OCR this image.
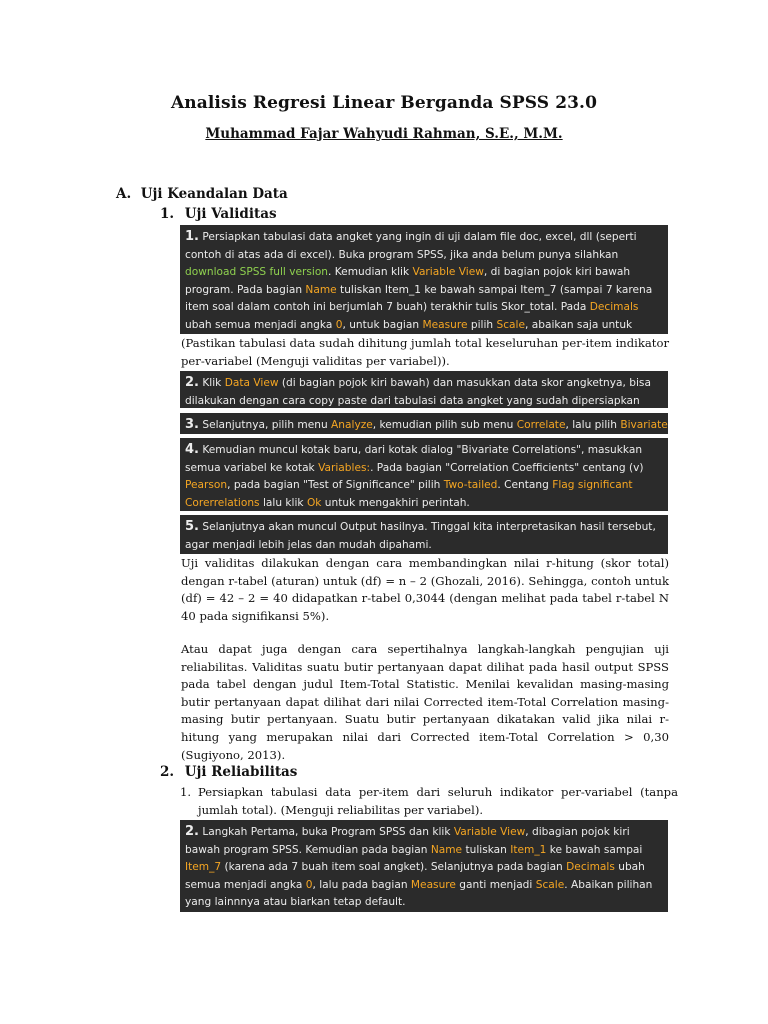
Analisis Regresi Linear Berganda SPSS 23.0
Muhammad Fajar Wahyudi Rahman, S.E., M.M.
A. Uji Keandalan Data
1. Uji Validitas
1. Persiapkan tabulasi data angket yang ingin di uji dalam file doc, excel, dll (seperti contoh di atas ada di excel). Buka program SPSS, jika anda belum punya silahkan download SPSS full version. Kemudian klik Variable View, di bagian pojok kiri bawah program. Pada bagian Name tuliskan Item_1 ke bawah sampai Item_7 (sampai 7 karena item soal dalam contoh ini berjumlah 7 buah) terakhir tulis Skor_total. Pada Decimals ubah semua menjadi angka 0, untuk bagian Measure pilih Scale, abaikan saja untuk

(Pastikan tabulasi data sudah dihitung jumlah total keseluruhan per-item indikator per-variabel (Menguji validitas per variabel)).

2. Klik Data View (di bagian pojok kiri bawah) dan masukkan data skor angketnya, bisa dilakukan dengan cara copy paste dari tabulasi data angket yang sudah dipersiapkan
3. Selanjutnya, pilih menu Analyze, kemudian pilih sub menu Correlate, lalu pilih Bivariate
4. Kemudian muncul kotak baru, dari kotak dialog "Bivariate Correlations", masukkan semua variabel ke kotak Variables:. Pada bagian "Correlation Coefficients" centang (v) Pearson, pada bagian "Test of Significance" pilih Two-tailed. Centang Flag significant Corerrelations lalu klik Ok untuk mengakhiri perintah.
5. Selanjutnya akan muncul Output hasilnya. Tinggal kita interpretasikan hasil tersebut, agar menjadi lebih jelas dan mudah dipahami.

Uji validitas dilakukan dengan cara membandingkan nilai r-hitung (skor total) dengan r-tabel (aturan) untuk (df) = n – 2 (Ghozali, 2016). Sehingga, contoh untuk (df) = 42 – 2 = 40 didapatkan r-tabel 0,3044 (dengan melihat pada tabel r-tabel N 40 pada signifikansi 5%).

Atau dapat juga dengan cara sepertihalnya langkah-langkah pengujian uji reliabilitas. Validitas suatu butir pertanyaan dapat dilihat pada hasil output SPSS pada tabel dengan judul Item-Total Statistic. Menilai kevalidan masing-masing butir pertanyaan dapat dilihat dari nilai Corrected item-Total Correlation masing-masing butir pertanyaan. Suatu butir pertanyaan dikatakan valid jika nilai r-hitung yang merupakan nilai dari Corrected item-Total Correlation > 0,30 (Sugiyono, 2013).

2. Uji Reliabilitas
1. Persiapkan tabulasi data per-item dari seluruh indikator per-variabel (tanpa jumlah total). (Menguji reliabilitas per variabel).
2. Langkah Pertama, buka Program SPSS dan klik Variable View, dibagian pojok kiri bawah program SPSS. Kemudian pada bagian Name tuliskan Item_1 ke bawah sampai Item_7 (karena ada 7 buah item soal angket). Selanjutnya pada bagian Decimals ubah semua menjadi angka 0, lalu pada bagian Measure ganti menjadi Scale. Abaikan pilihan yang lainnnya atau biarkan tetap default.
